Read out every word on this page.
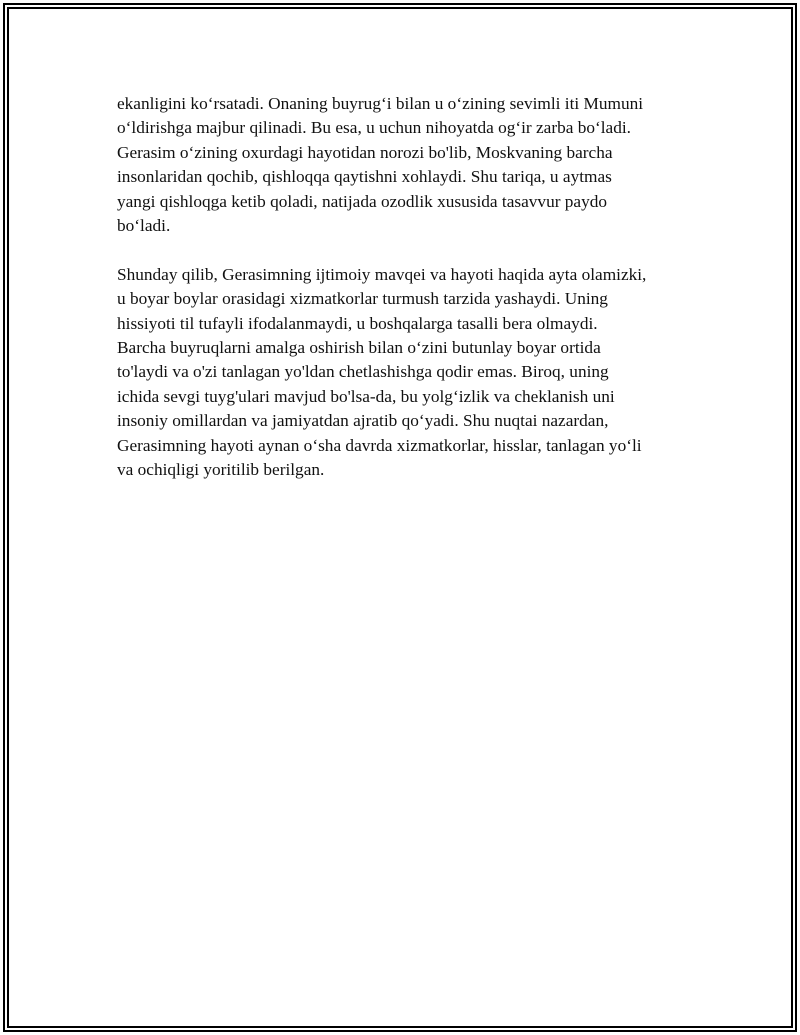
ekanligini ko‘rsatadi. Onaning buyrug‘i bilan u o‘zining sevimli iti Mumuni
o‘ldirishga majbur qilinadi. Bu esa, u uchun nihoyatda og‘ir zarba bo‘ladi.
Gerasim o‘zining oxurdagi hayotidan norozi bo'lib, Moskvaning barcha
insonlaridan qochib, qishloqqa qaytishni xohlaydi. Shu tariqa, u aytmas
yangi qishloqga ketib qoladi, natijada ozodlik xususida tasavvur paydo
bo‘ladi.

Shunday qilib, Gerasimning ijtimoiy mavqei va hayoti haqida ayta olamizki,
u boyar boylar orasidagi xizmatkorlar turmush tarzida yashaydi. Uning
hissiyoti til tufayli ifodalanmaydi, u boshqalarga tasalli bera olmaydi.
Barcha buyruqlarni amalga oshirish bilan o‘zini butunlay boyar ortida
to'laydi va o'zi tanlagan yo'ldan chetlashishga qodir emas. Biroq, uning
ichida sevgi tuyg'ulari mavjud bo'lsa-da, bu yolg‘izlik va cheklanish uni
insoniy omillardan va jamiyatdan ajratib qo‘yadi. Shu nuqtai nazardan,
Gerasimning hayoti aynan o‘sha davrda xizmatkorlar, hisslar, tanlagan yo‘li
va ochiqligi yoritilib berilgan.
